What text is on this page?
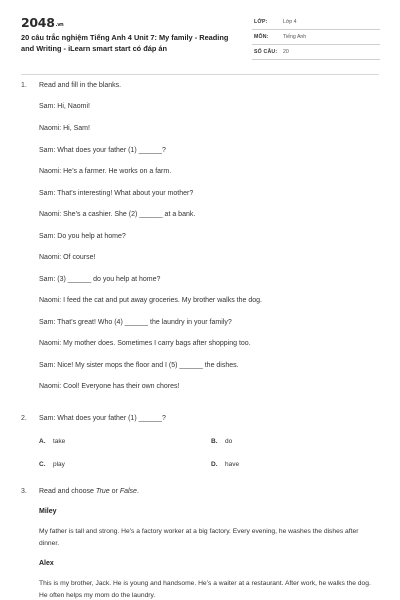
2048.vn
20 câu trắc nghiệm Tiếng Anh 4 Unit 7: My family - Reading and Writing - iLearn smart start có đáp án
LỚP:	Lớp 4
MÔN:	Tiếng Anh
SỐ CÂU: 20
1. Read and fill in the blanks.
Sam: Hi, Naomi!
Naomi: Hi, Sam!
Sam: What does your father (1) ______?
Naomi: He’s a farmer. He works on a farm.
Sam: That’s interesting! What about your mother?
Naomi: She’s a cashier. She (2) ______ at a bank.
Sam: Do you help at home?
Naomi: Of course!
Sam: (3) ______ do you help at home?
Naomi: I feed the cat and put away groceries. My brother walks the dog.
Sam: That’s great! Who (4) ______ the laundry in your family?
Naomi: My mother does. Sometimes I carry bags after shopping too.
Sam: Nice! My sister mops the floor and I (5) ______ the dishes.
Naomi: Cool! Everyone has their own chores!
2. Sam: What does your father (1) ______?
A. take	B. do
C. play	D. have
3. Read and choose True or False.
Miley
My father is tall and strong. He’s a factory worker at a big factory. Every evening, he washes the dishes after dinner.
Alex
This is my brother, Jack. He is young and handsome. He’s a waiter at a restaurant. After work, he walks the dog. He often helps my mom do the laundry.
